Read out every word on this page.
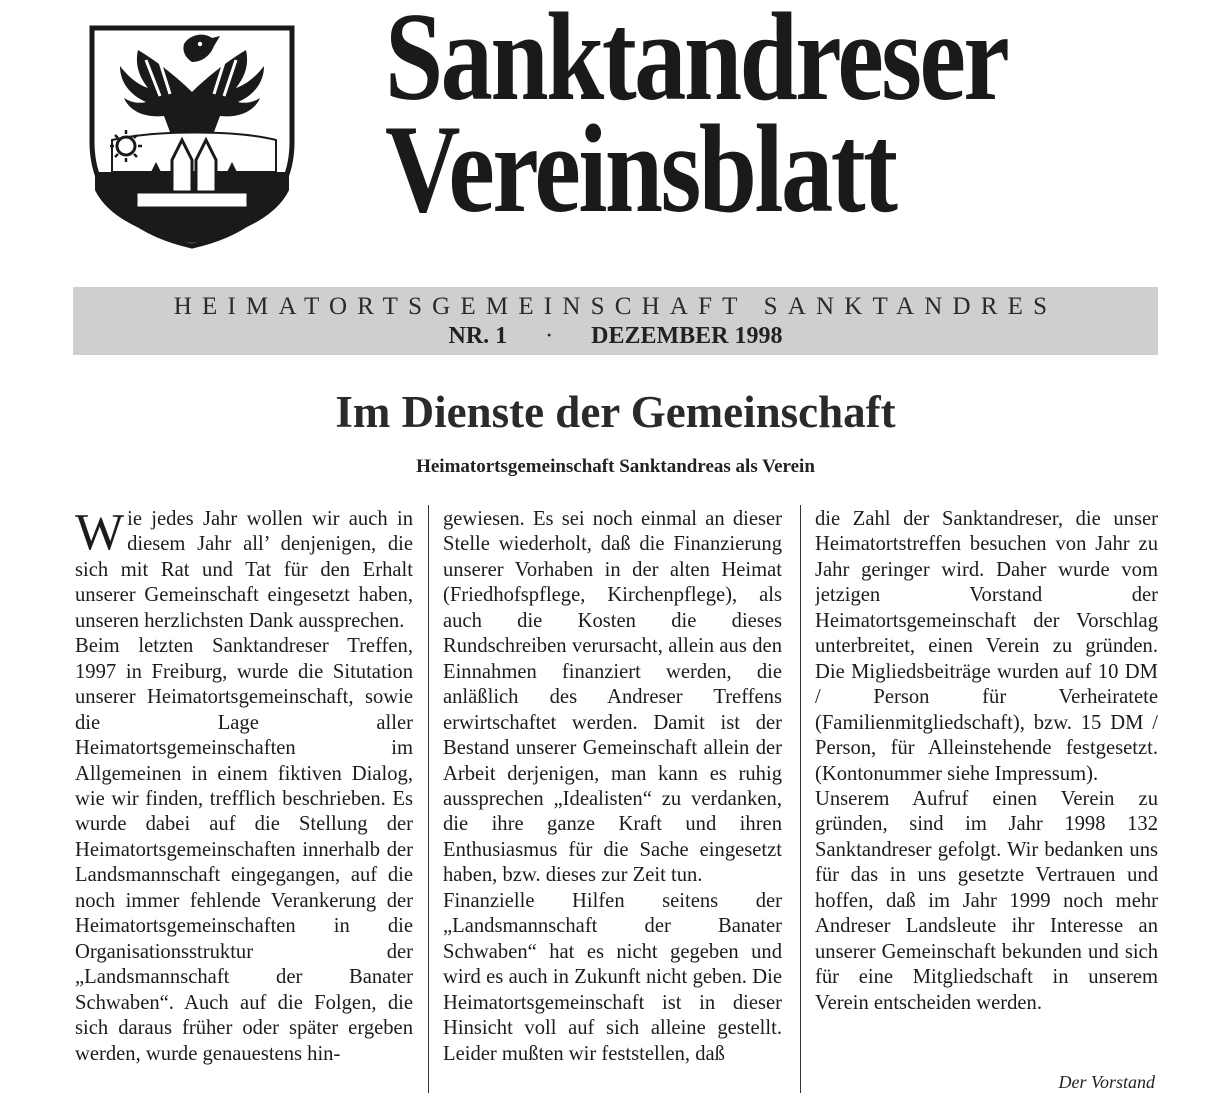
Sanktandreser
Vereinsblatt
HEIMATORTSGEMEINSCHAFT SANKTANDRES
NR. 1 · DEZEMBER 1998
Im Dienste der Gemeinschaft
Heimatortsgemeinschaft Sanktandreas als Verein

Wie jedes Jahr wollen wir auch in diesem Jahr all’ denjenigen, die sich mit Rat und Tat für den Erhalt unserer Gemeinschaft eingesetzt haben, unseren herzlichsten Dank aussprechen.

Beim letzten Sanktandreser Treffen, 1997 in Freiburg, wurde die Situtation unserer Heimatortsgemeinschaft, sowie die Lage aller Heimatortsgemeinschaften im Allgemeinen in einem fiktiven Dialog, wie wir finden, trefflich beschrieben. Es wurde dabei auf die Stellung der Heimatortsgemeinschaften innerhalb der Landsmannschaft eingegangen, auf die noch immer fehlende Verankerung der Heimatortsgemeinschaften in die Organisationsstruktur der „Landsmannschaft der Banater Schwaben“. Auch auf die Folgen, die sich daraus früher oder später ergeben werden, wurde genauestens hin-

gewiesen. Es sei noch einmal an dieser Stelle wiederholt, daß die Finanzierung unserer Vorhaben in der alten Heimat (Friedhofspflege, Kirchenpflege), als auch die Kosten die dieses Rundschreiben verursacht, allein aus den Einnahmen finanziert werden, die anläßlich des Andreser Treffens erwirtschaftet werden. Damit ist der Bestand unserer Gemeinschaft allein der Arbeit derjenigen, man kann es ruhig aussprechen „Idealisten“ zu verdanken, die ihre ganze Kraft und ihren Enthusiasmus für die Sache eingesetzt haben, bzw. dieses zur Zeit tun.

Finanzielle Hilfen seitens der „Landsmannschaft der Banater Schwaben“ hat es nicht gegeben und wird es auch in Zukunft nicht geben. Die Heimatortsgemeinschaft ist in dieser Hinsicht voll auf sich alleine gestellt. Leider mußten wir feststellen, daß

die Zahl der Sanktandreser, die unser Heimatortstreffen besuchen von Jahr zu Jahr geringer wird. Daher wurde vom jetzigen Vorstand der Heimatortsgemeinschaft der Vorschlag unterbreitet, einen Verein zu gründen. Die Migliedsbeiträge wurden auf 10 DM / Person für Verheiratete (Familienmitgliedschaft), bzw. 15 DM / Person, für Alleinstehende festgesetzt. (Kontonummer siehe Impressum).

Unserem Aufruf einen Verein zu gründen, sind im Jahr 1998 132 Sanktandreser gefolgt. Wir bedanken uns für das in uns gesetzte Vertrauen und hoffen, daß im Jahr 1999 noch mehr Andreser Landsleute ihr Interesse an unserer Gemeinschaft bekunden und sich für eine Mitgliedschaft in unserem Verein entscheiden werden.

Der Vorstand
